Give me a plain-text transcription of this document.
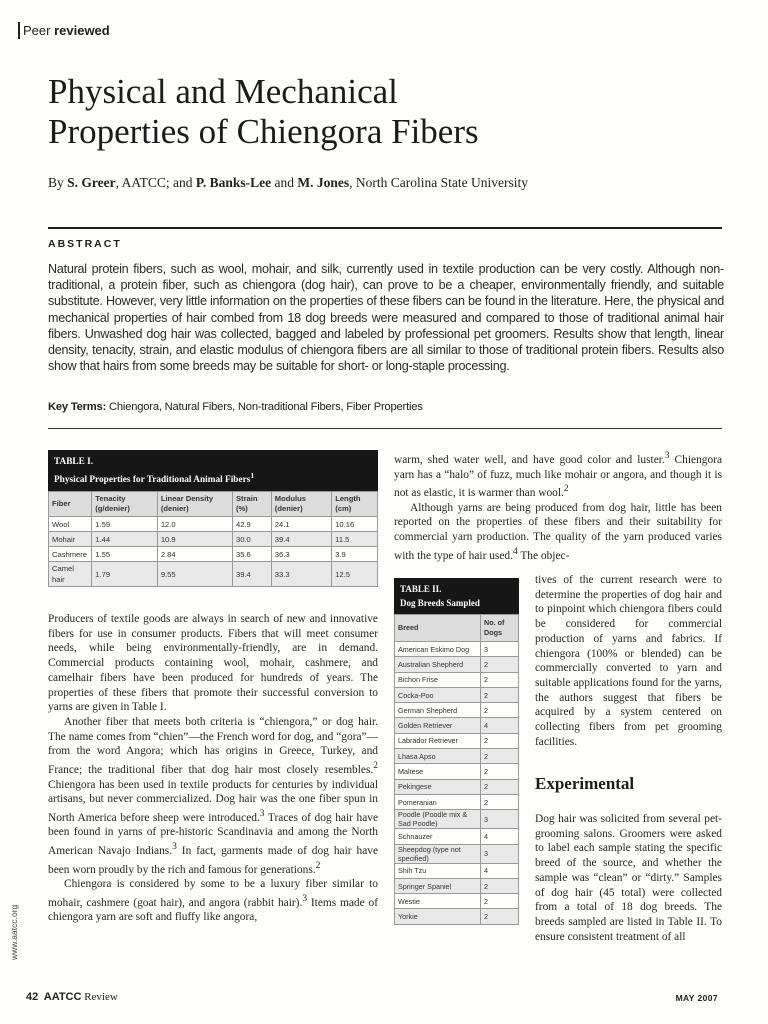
Peer reviewed
Physical and Mechanical
Properties of Chiengora Fibers
By S. Greer, AATCC; and P. Banks-Lee and M. Jones, North Carolina State University
ABSTRACT
Natural protein fibers, such as wool, mohair, and silk, currently used in textile production can be very costly. Although non-traditional, a protein fiber, such as chiengora (dog hair), can prove to be a cheaper, environmentally friendly, and suitable substitute. However, very little information on the properties of these fibers can be found in the literature. Here, the physical and mechanical properties of hair combed from 18 dog breeds were measured and compared to those of traditional animal hair fibers. Unwashed dog hair was collected, bagged and labeled by professional pet groomers. Results show that length, linear density, tenacity, strain, and elastic modulus of chiengora fibers are all similar to those of traditional protein fibers. Results also show that hairs from some breeds may be suitable for short- or long-staple processing.
Key Terms: Chiengora, Natural Fibers, Non-traditional Fibers, Fiber Properties
TABLE I.
Physical Properties for Traditional Animal Fibers$^1$
Fiber	Tenacity (g/denier)	Linear Density (denier)	Strain (%)	Modulus (denier)	Length (cm)
Wool	1.59	12.0	42.9	24.1	10.16
Mohair	1.44	10.9	30.0	39.4	11.5
Cashmere	1.55	2.84	35.6	36.3	3.9
Camel hair	1.79	9.55	39.4	33.3	12.5
TABLE II.
Dog Breeds Sampled
Breed	No. of Dogs
American Eskimo Dog	3
Australian Shepherd	2
Bichon Frise	2
Cocka-Poo	2
German Shepherd	2
Golden Retriever	4
Labrador Retriever	2
Lhasa Apso	2
Maltese	2
Pekingese	2
Pomeranian	2
Poodle (Poodle mix & Sad Poodle)	3
Schnauzer	4
Sheepdog (type not specified)	3
Shih Tzu	4
Springer Spaniel	2
Westie	2
Yorkie	2

Producers of textile goods are always in search of new and innovative fibers for use in consumer products. Fibers that will meet consumer needs, while being environmentally-friendly, are in demand. Commercial products containing wool, mohair, cashmere, and camelhair fibers have been produced for hundreds of years. The properties of these fibers that promote their successful conversion to yarns are given in Table I.

Another fiber that meets both criteria is “chiengora,” or dog hair. The name comes from “chien”—the French word for dog, and “gora”—from the word Angora; which has origins in Greece, Turkey, and France; the traditional fiber that dog hair most closely resembles.$^2$ Chiengora has been used in textile products for centuries by individual artisans, but never commercialized. Dog hair was the one fiber spun in North America before sheep were introduced.$^3$ Traces of dog hair have been found in yarns of pre-historic Scandinavia and among the North American Navajo Indians.$^3$ In fact, garments made of dog hair have been worn proudly by the rich and famous for generations.$^2$

Chiengora is considered by some to be a luxury fiber similar to mohair, cashmere (goat hair), and angora (rabbit hair).$^3$ Items made of chiengora yarn are soft and fluffy like angora,

warm, shed water well, and have good color and luster.$^3$ Chiengora yarn has a “halo” of fuzz, much like mohair or angora, and though it is not as elastic, it is warmer than wool.$^2$

Although yarns are being produced from dog hair, little has been reported on the properties of these fibers and their suitability for commercial yarn production. The quality of the yarn produced varies with the type of hair used.$^4$ The objec-

tives of the current research were to determine the properties of dog hair and to pinpoint which chiengora fibers could be considered for commercial production of yarns and fabrics. If chiengora (100% or blended) can be commercially converted to yarn and suitable applications found for the yarns, the authors suggest that fibers be acquired by a system centered on collecting fibers from pet grooming facilities.

Experimental

Dog hair was solicited from several pet-grooming salons. Groomers were asked to label each sample stating the specific breed of the source, and whether the sample was “clean” or “dirty.” Samples of dog hair (45 total) were collected from a total of 18 dog breeds. The breeds sampled are listed in Table II. To ensure consistent treatment of all

www.aatcc.org
42 AATCC Review	MAY 2007
